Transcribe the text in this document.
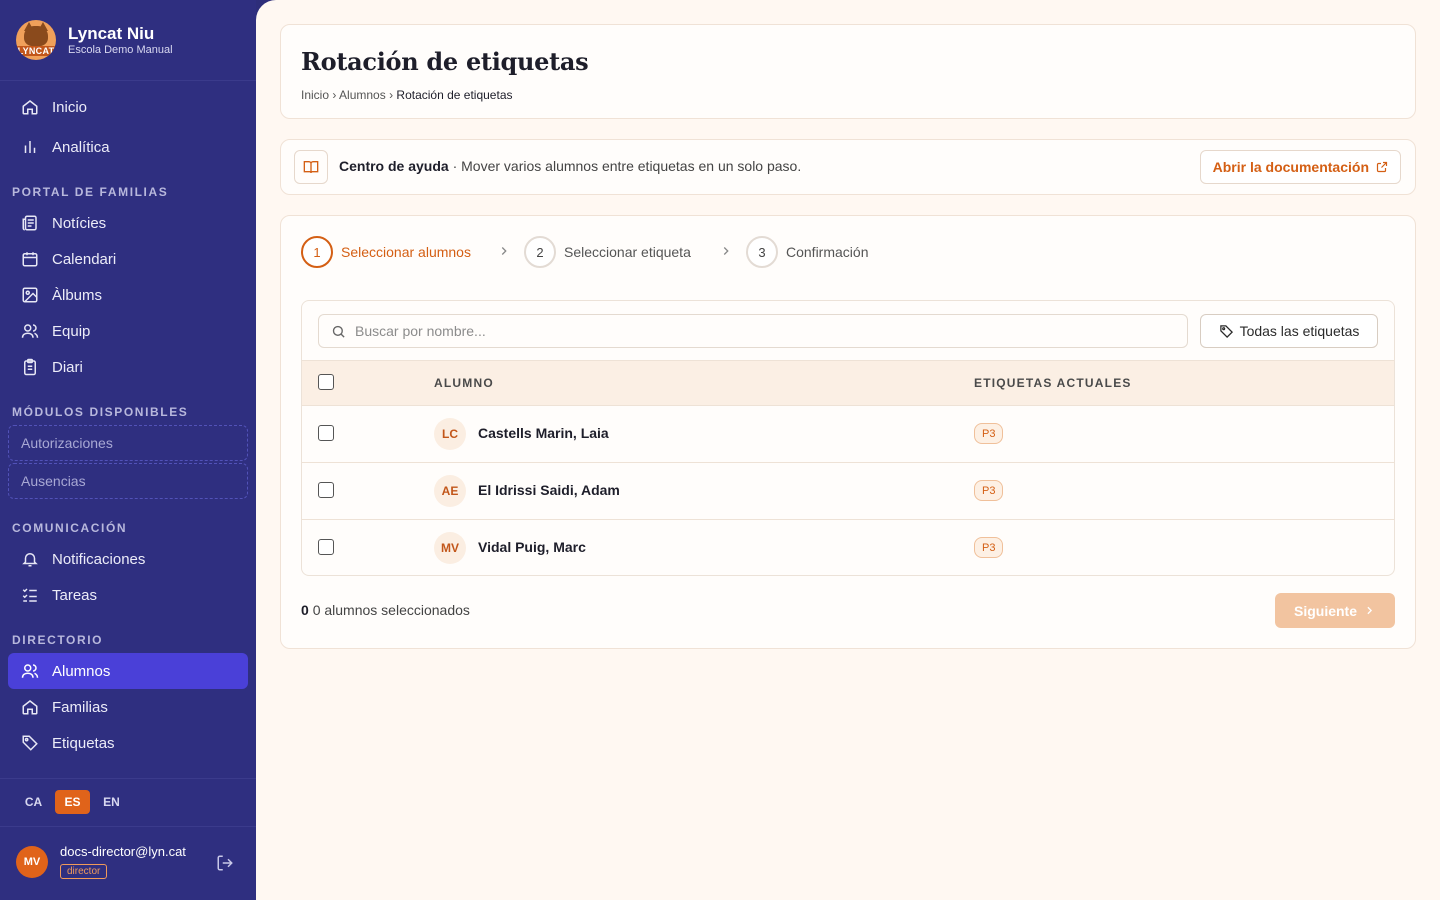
LYNCAT
Lyncat Niu
Escola Demo Manual
Inicio
Analítica
PORTAL DE FAMILIAS
Notícies
Calendari
Àlbums
Equip
Diari
MÓDULOS DISPONIBLES
Autorizaciones
Ausencias
COMUNICACIÓN
Notificaciones
Tareas
DIRECTORIO
Alumnos
Familias
Etiquetas
CA	ES	EN
MV
docs-director@lyn.cat
director
Rotación de etiquetas
Inicio › Alumnos › Rotación de etiquetas
Centro de ayuda · Mover varios alumnos entre etiquetas en un solo paso.	Abrir la documentación
1	Seleccionar alumnos	2	Seleccionar etiqueta	3	Confirmación
Buscar por nombre...
Todas las etiquetas
ALUMNO	ETIQUETAS ACTUALES
LC	Castells Marin, Laia	P3
AE	El Idrissi Saidi, Adam	P3
MV	Vidal Puig, Marc	P3
0 0 alumnos seleccionados	Siguiente
